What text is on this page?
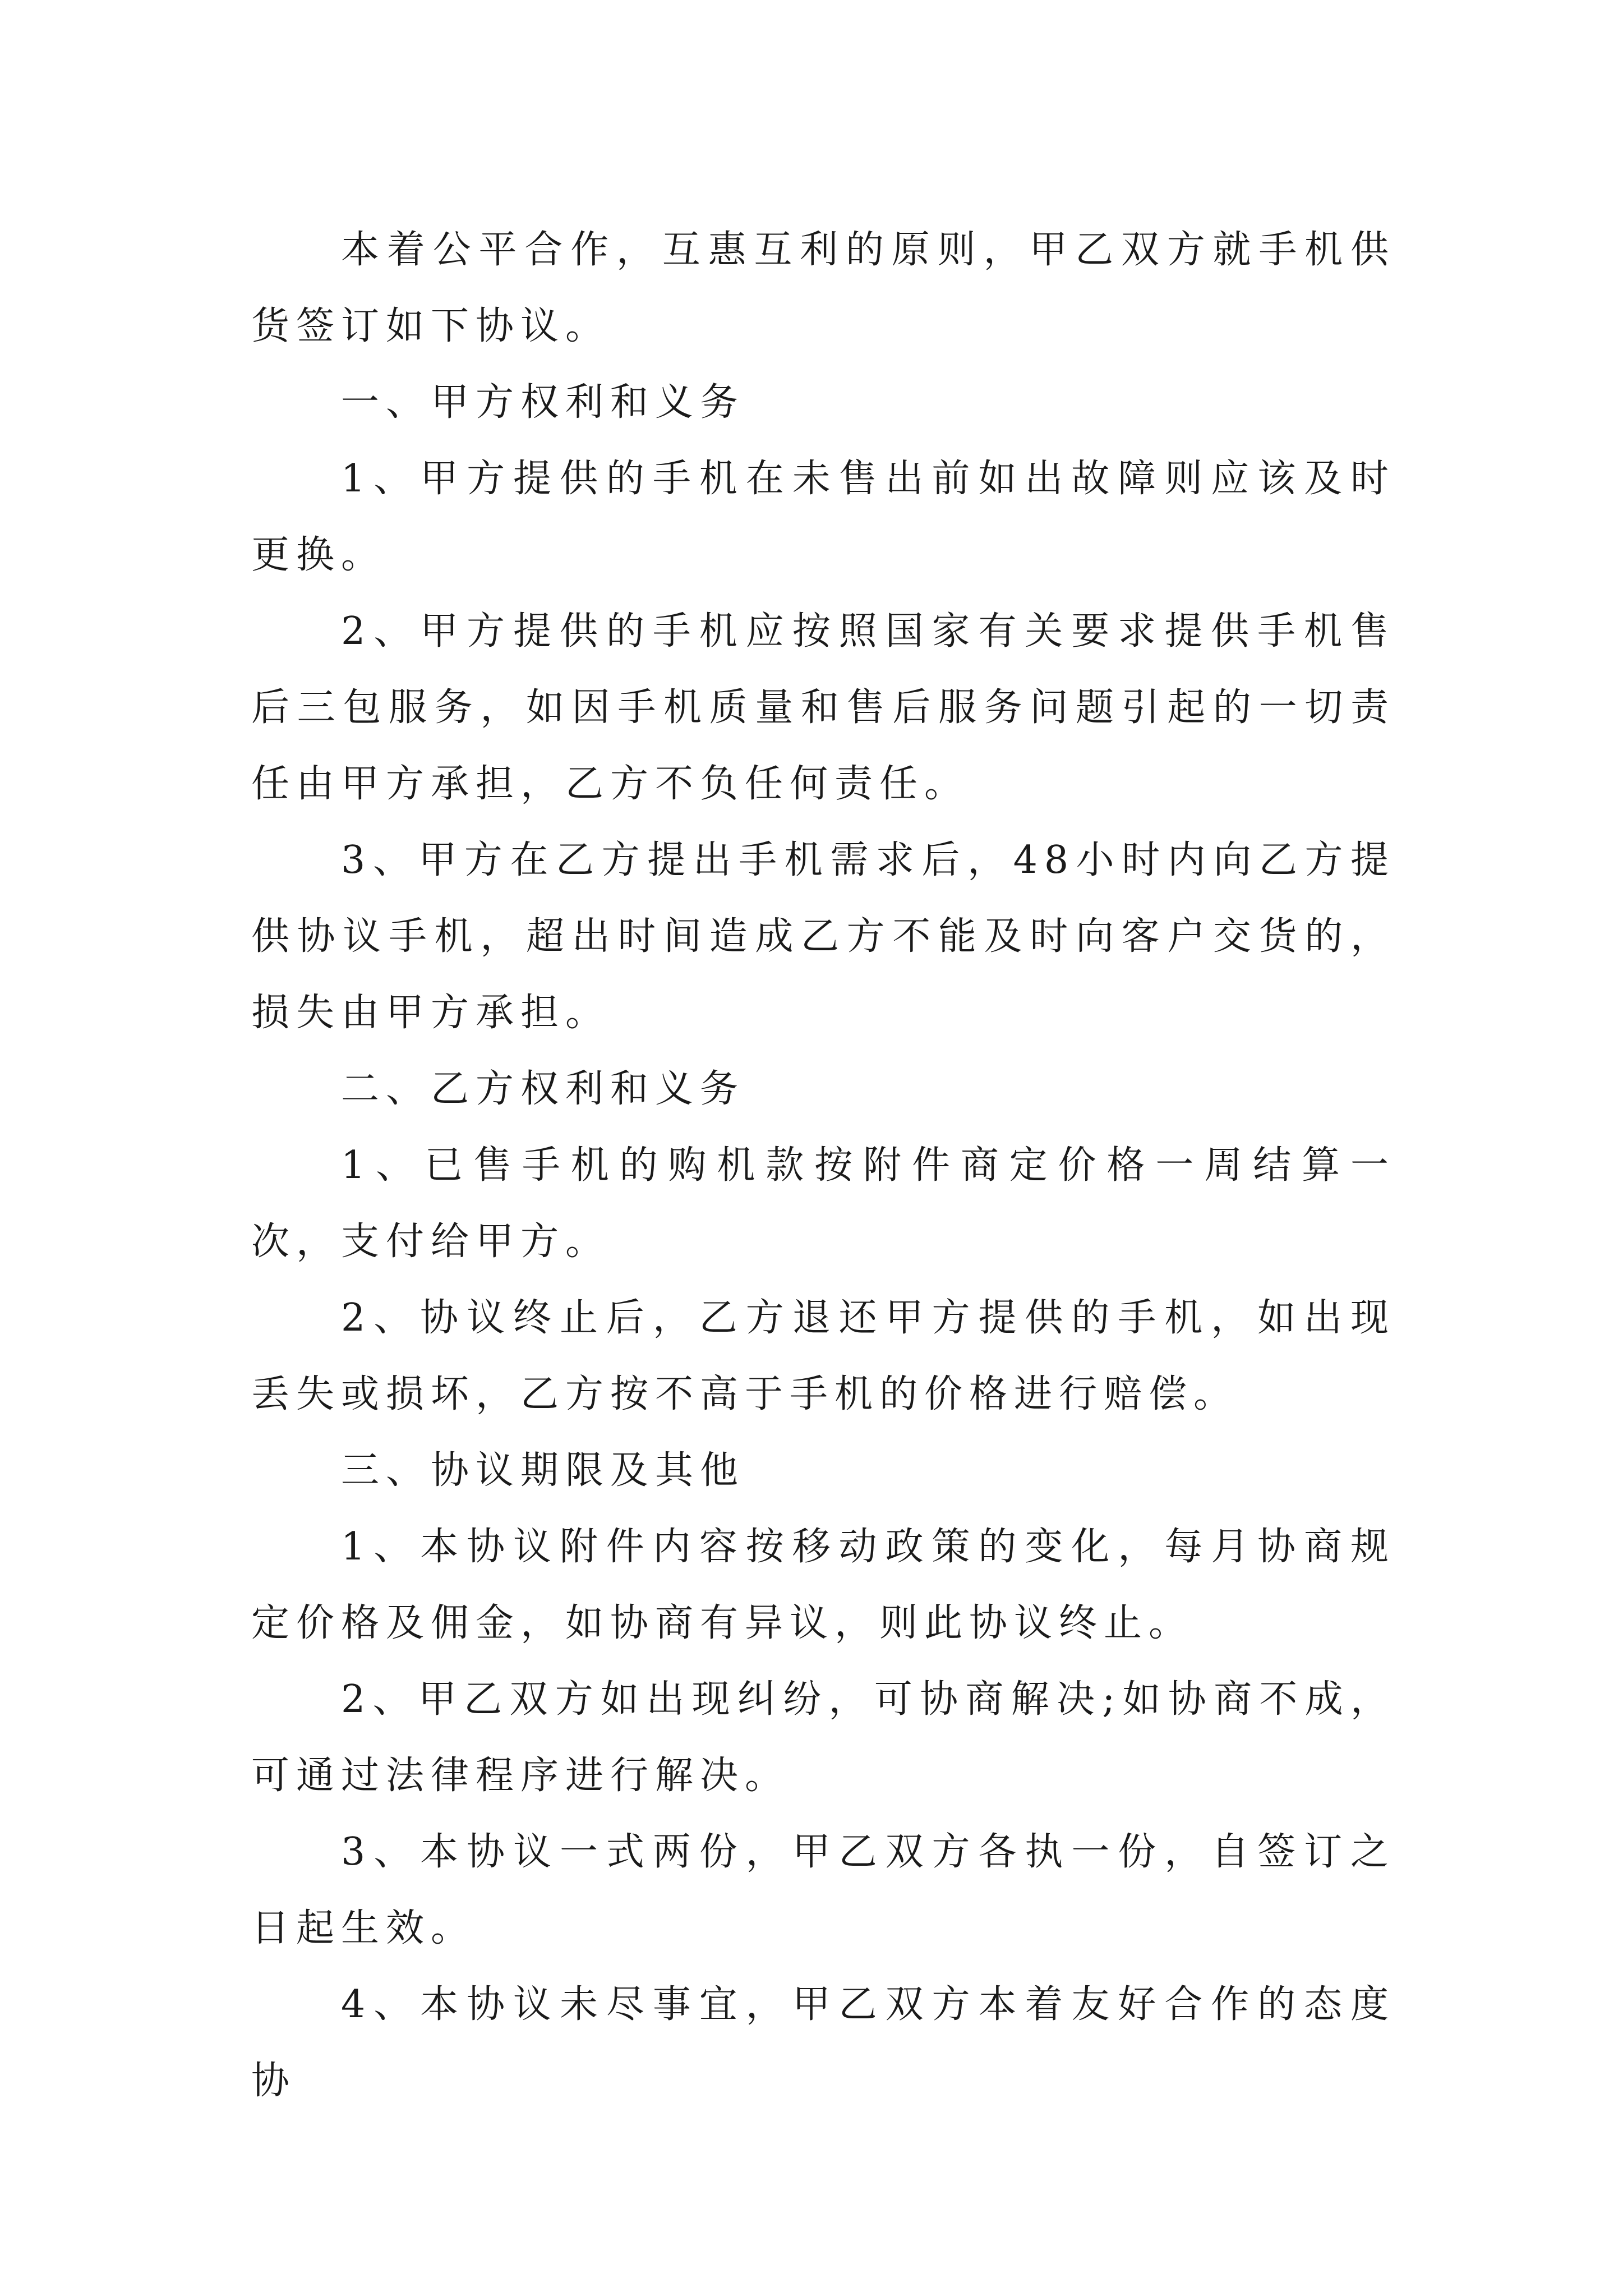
本着公平合作，互惠互利的原则，甲乙双方就手机供货签订如下协议。

一、甲方权利和义务

1、甲方提供的手机在未售出前如出故障则应该及时更换。

2、甲方提供的手机应按照国家有关要求提供手机售后三包服务，如因手机质量和售后服务问题引起的一切责任由甲方承担，乙方不负任何责任。

3、甲方在乙方提出手机需求后，48小时内向乙方提供协议手机，超出时间造成乙方不能及时向客户交货的，损失由甲方承担。

二、乙方权利和义务

1、已售手机的购机款按附件商定价格一周结算一次，支付给甲方。

2、协议终止后，乙方退还甲方提供的手机，如出现丢失或损坏，乙方按不高于手机的价格进行赔偿。

三、协议期限及其他

1、本协议附件内容按移动政策的变化，每月协商规定价格及佣金，如协商有异议，则此协议终止。

2、甲乙双方如出现纠纷，可协商解决;如协商不成，可通过法律程序进行解决。

3、本协议一式两份，甲乙双方各执一份，自签订之日起生效。

4、本协议未尽事宜，甲乙双方本着友好合作的态度协
